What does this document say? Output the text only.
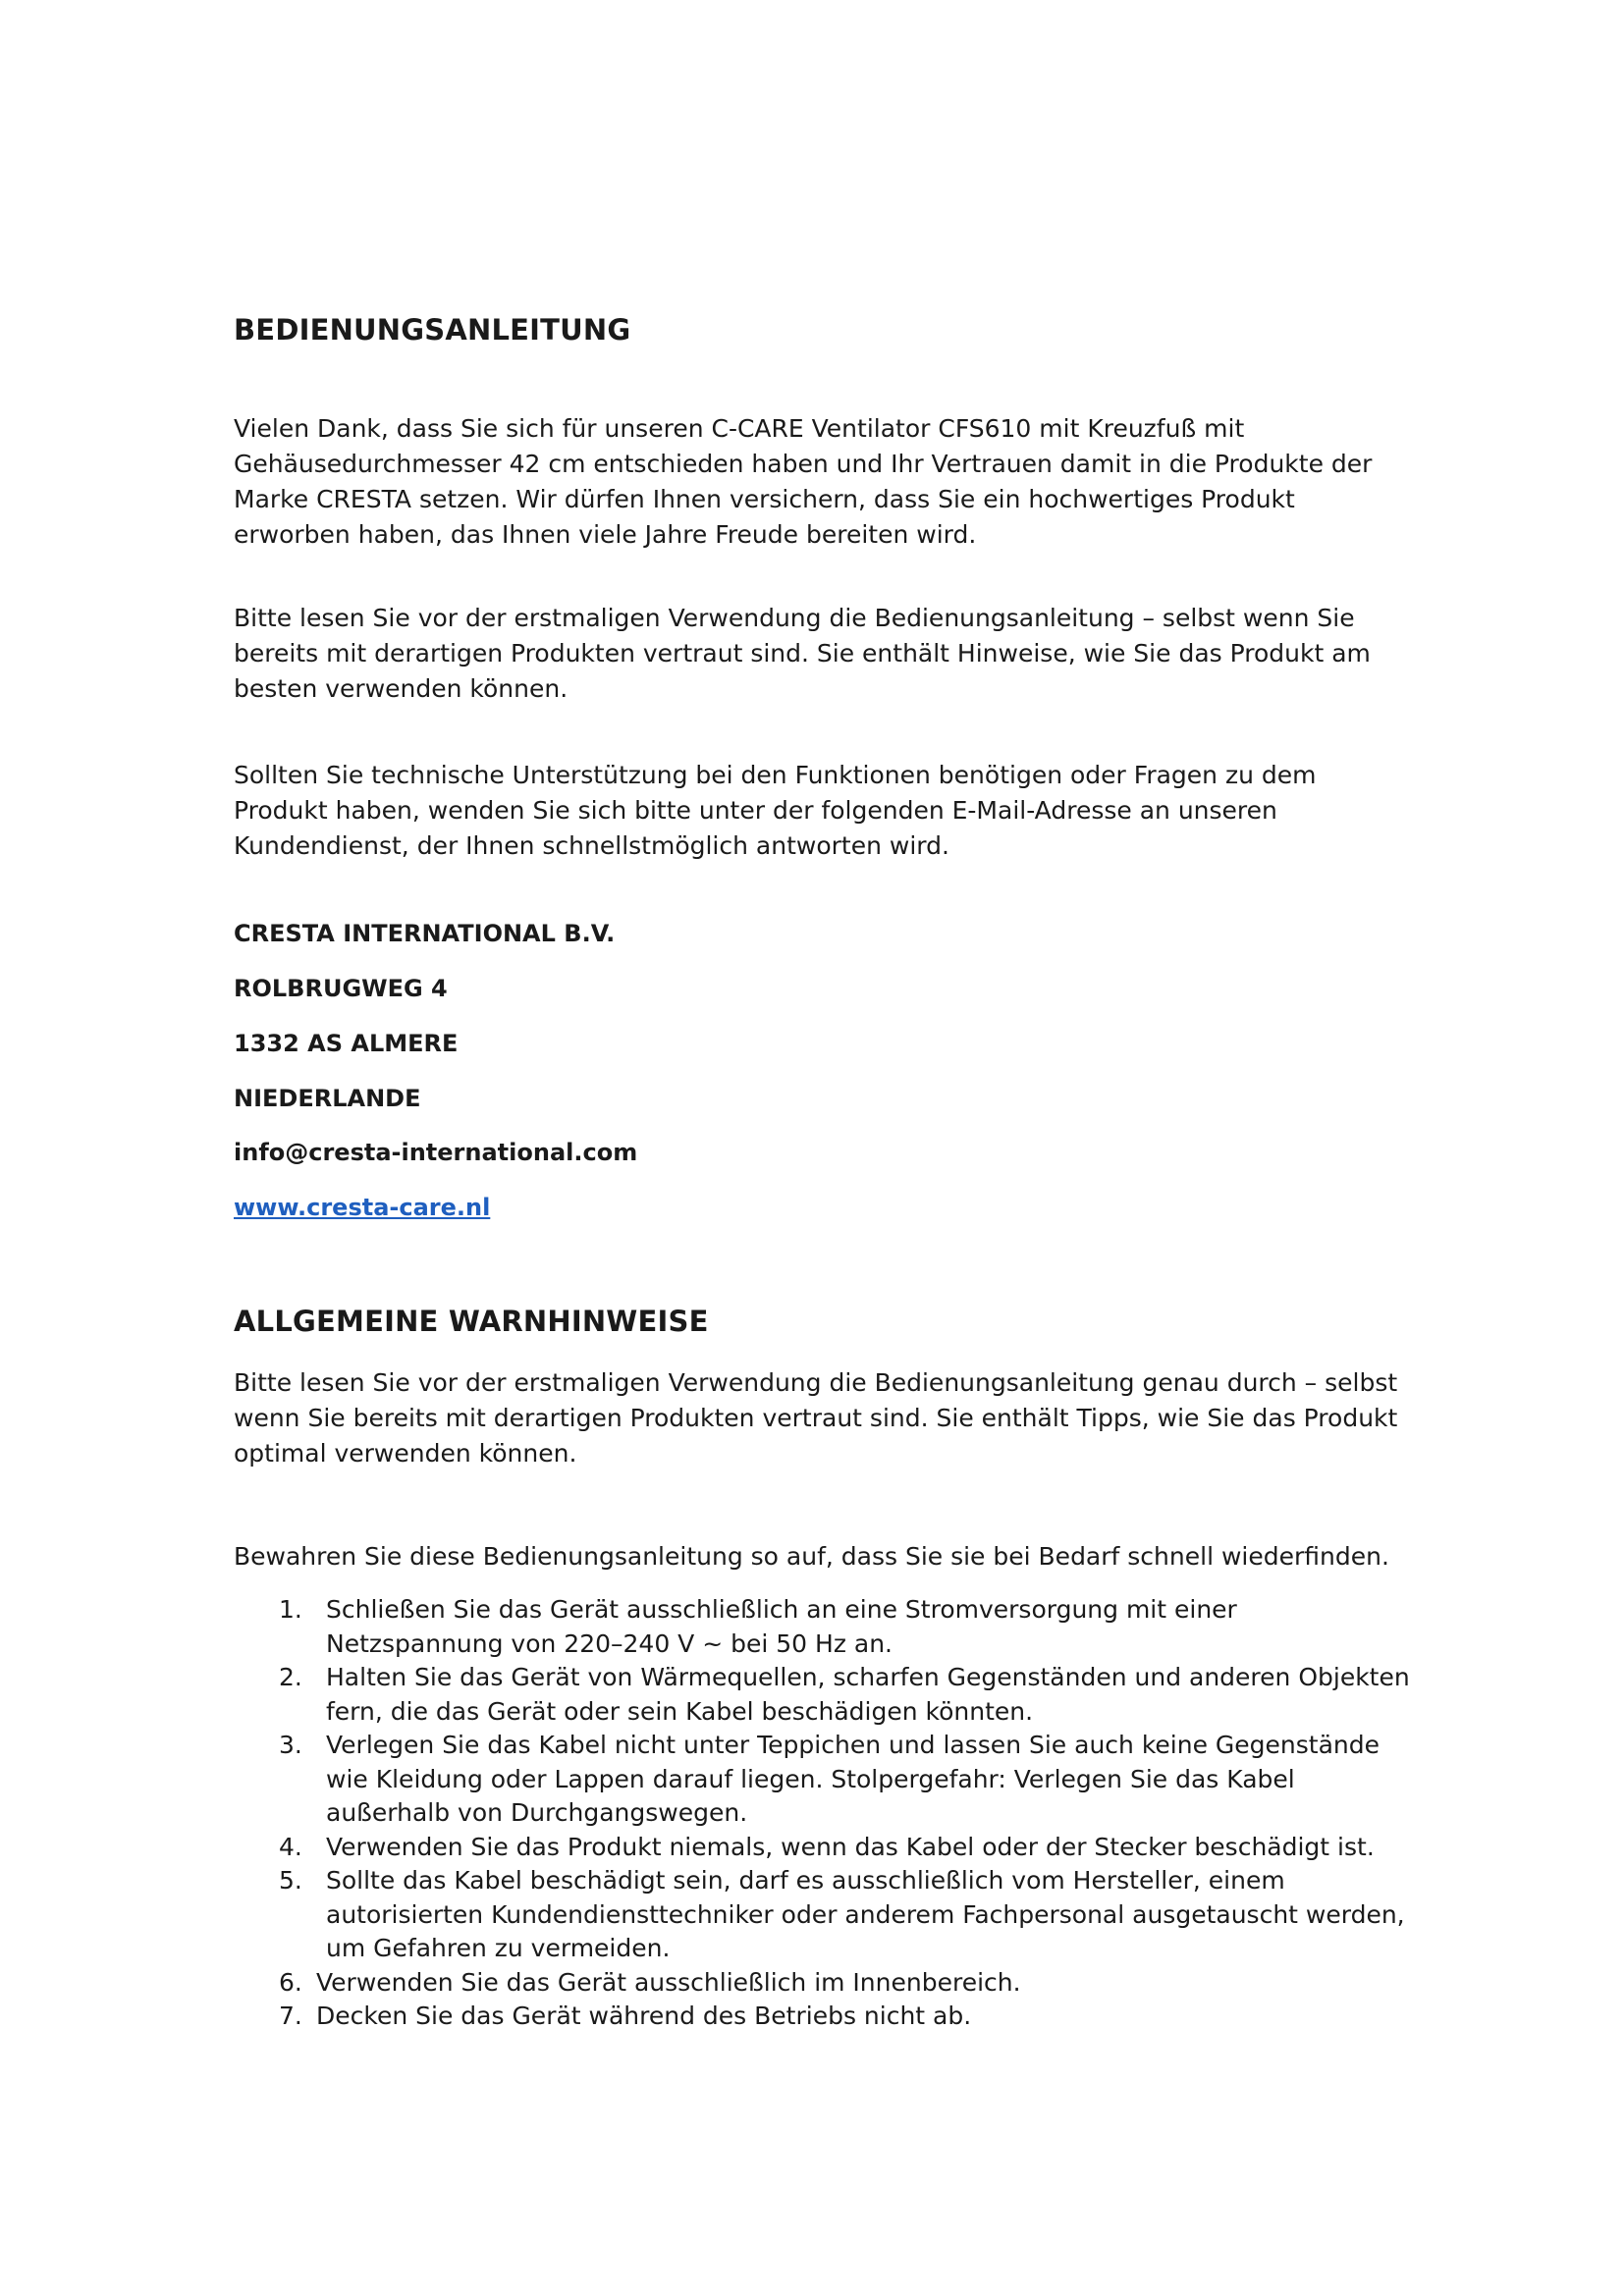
BEDIENUNGSANLEITUNG

Vielen Dank, dass Sie sich für unseren C-CARE Ventilator CFS610 mit Kreuzfuß mit Gehäusedurchmesser 42 cm entschieden haben und Ihr Vertrauen damit in die Produkte der Marke CRESTA setzen. Wir dürfen Ihnen versichern, dass Sie ein hochwertiges Produkt erworben haben, das Ihnen viele Jahre Freude bereiten wird.

Bitte lesen Sie vor der erstmaligen Verwendung die Bedienungsanleitung – selbst wenn Sie bereits mit derartigen Produkten vertraut sind. Sie enthält Hinweise, wie Sie das Produkt am besten verwenden können.

Sollten Sie technische Unterstützung bei den Funktionen benötigen oder Fragen zu dem Produkt haben, wenden Sie sich bitte unter der folgenden E-Mail-Adresse an unseren Kundendienst, der Ihnen schnellstmöglich antworten wird.

CRESTA INTERNATIONAL B.V.
ROLBRUGWEG 4
1332 AS ALMERE
NIEDERLANDE
info@cresta-international.com
www.cresta-care.nl
ALLGEMEINE WARNHINWEISE

Bitte lesen Sie vor der erstmaligen Verwendung die Bedienungsanleitung genau durch – selbst wenn Sie bereits mit derartigen Produkten vertraut sind. Sie enthält Tipps, wie Sie das Produkt optimal verwenden können.

Bewahren Sie diese Bedienungsanleitung so auf, dass Sie sie bei Bedarf schnell wiederfinden.

1. Schließen Sie das Gerät ausschließlich an eine Stromversorgung mit einer Netzspannung von 220–240 V ~ bei 50 Hz an.
2. Halten Sie das Gerät von Wärmequellen, scharfen Gegenständen und anderen Objekten fern, die das Gerät oder sein Kabel beschädigen könnten.
3. Verlegen Sie das Kabel nicht unter Teppichen und lassen Sie auch keine Gegenstände wie Kleidung oder Lappen darauf liegen. Stolpergefahr: Verlegen Sie das Kabel außerhalb von Durchgangswegen.
4. Verwenden Sie das Produkt niemals, wenn das Kabel oder der Stecker beschädigt ist.
5. Sollte das Kabel beschädigt sein, darf es ausschließlich vom Hersteller, einem autorisierten Kundendiensttechniker oder anderem Fachpersonal ausgetauscht werden, um Gefahren zu vermeiden.
6. Verwenden Sie das Gerät ausschließlich im Innenbereich.
7. Decken Sie das Gerät während des Betriebs nicht ab.
